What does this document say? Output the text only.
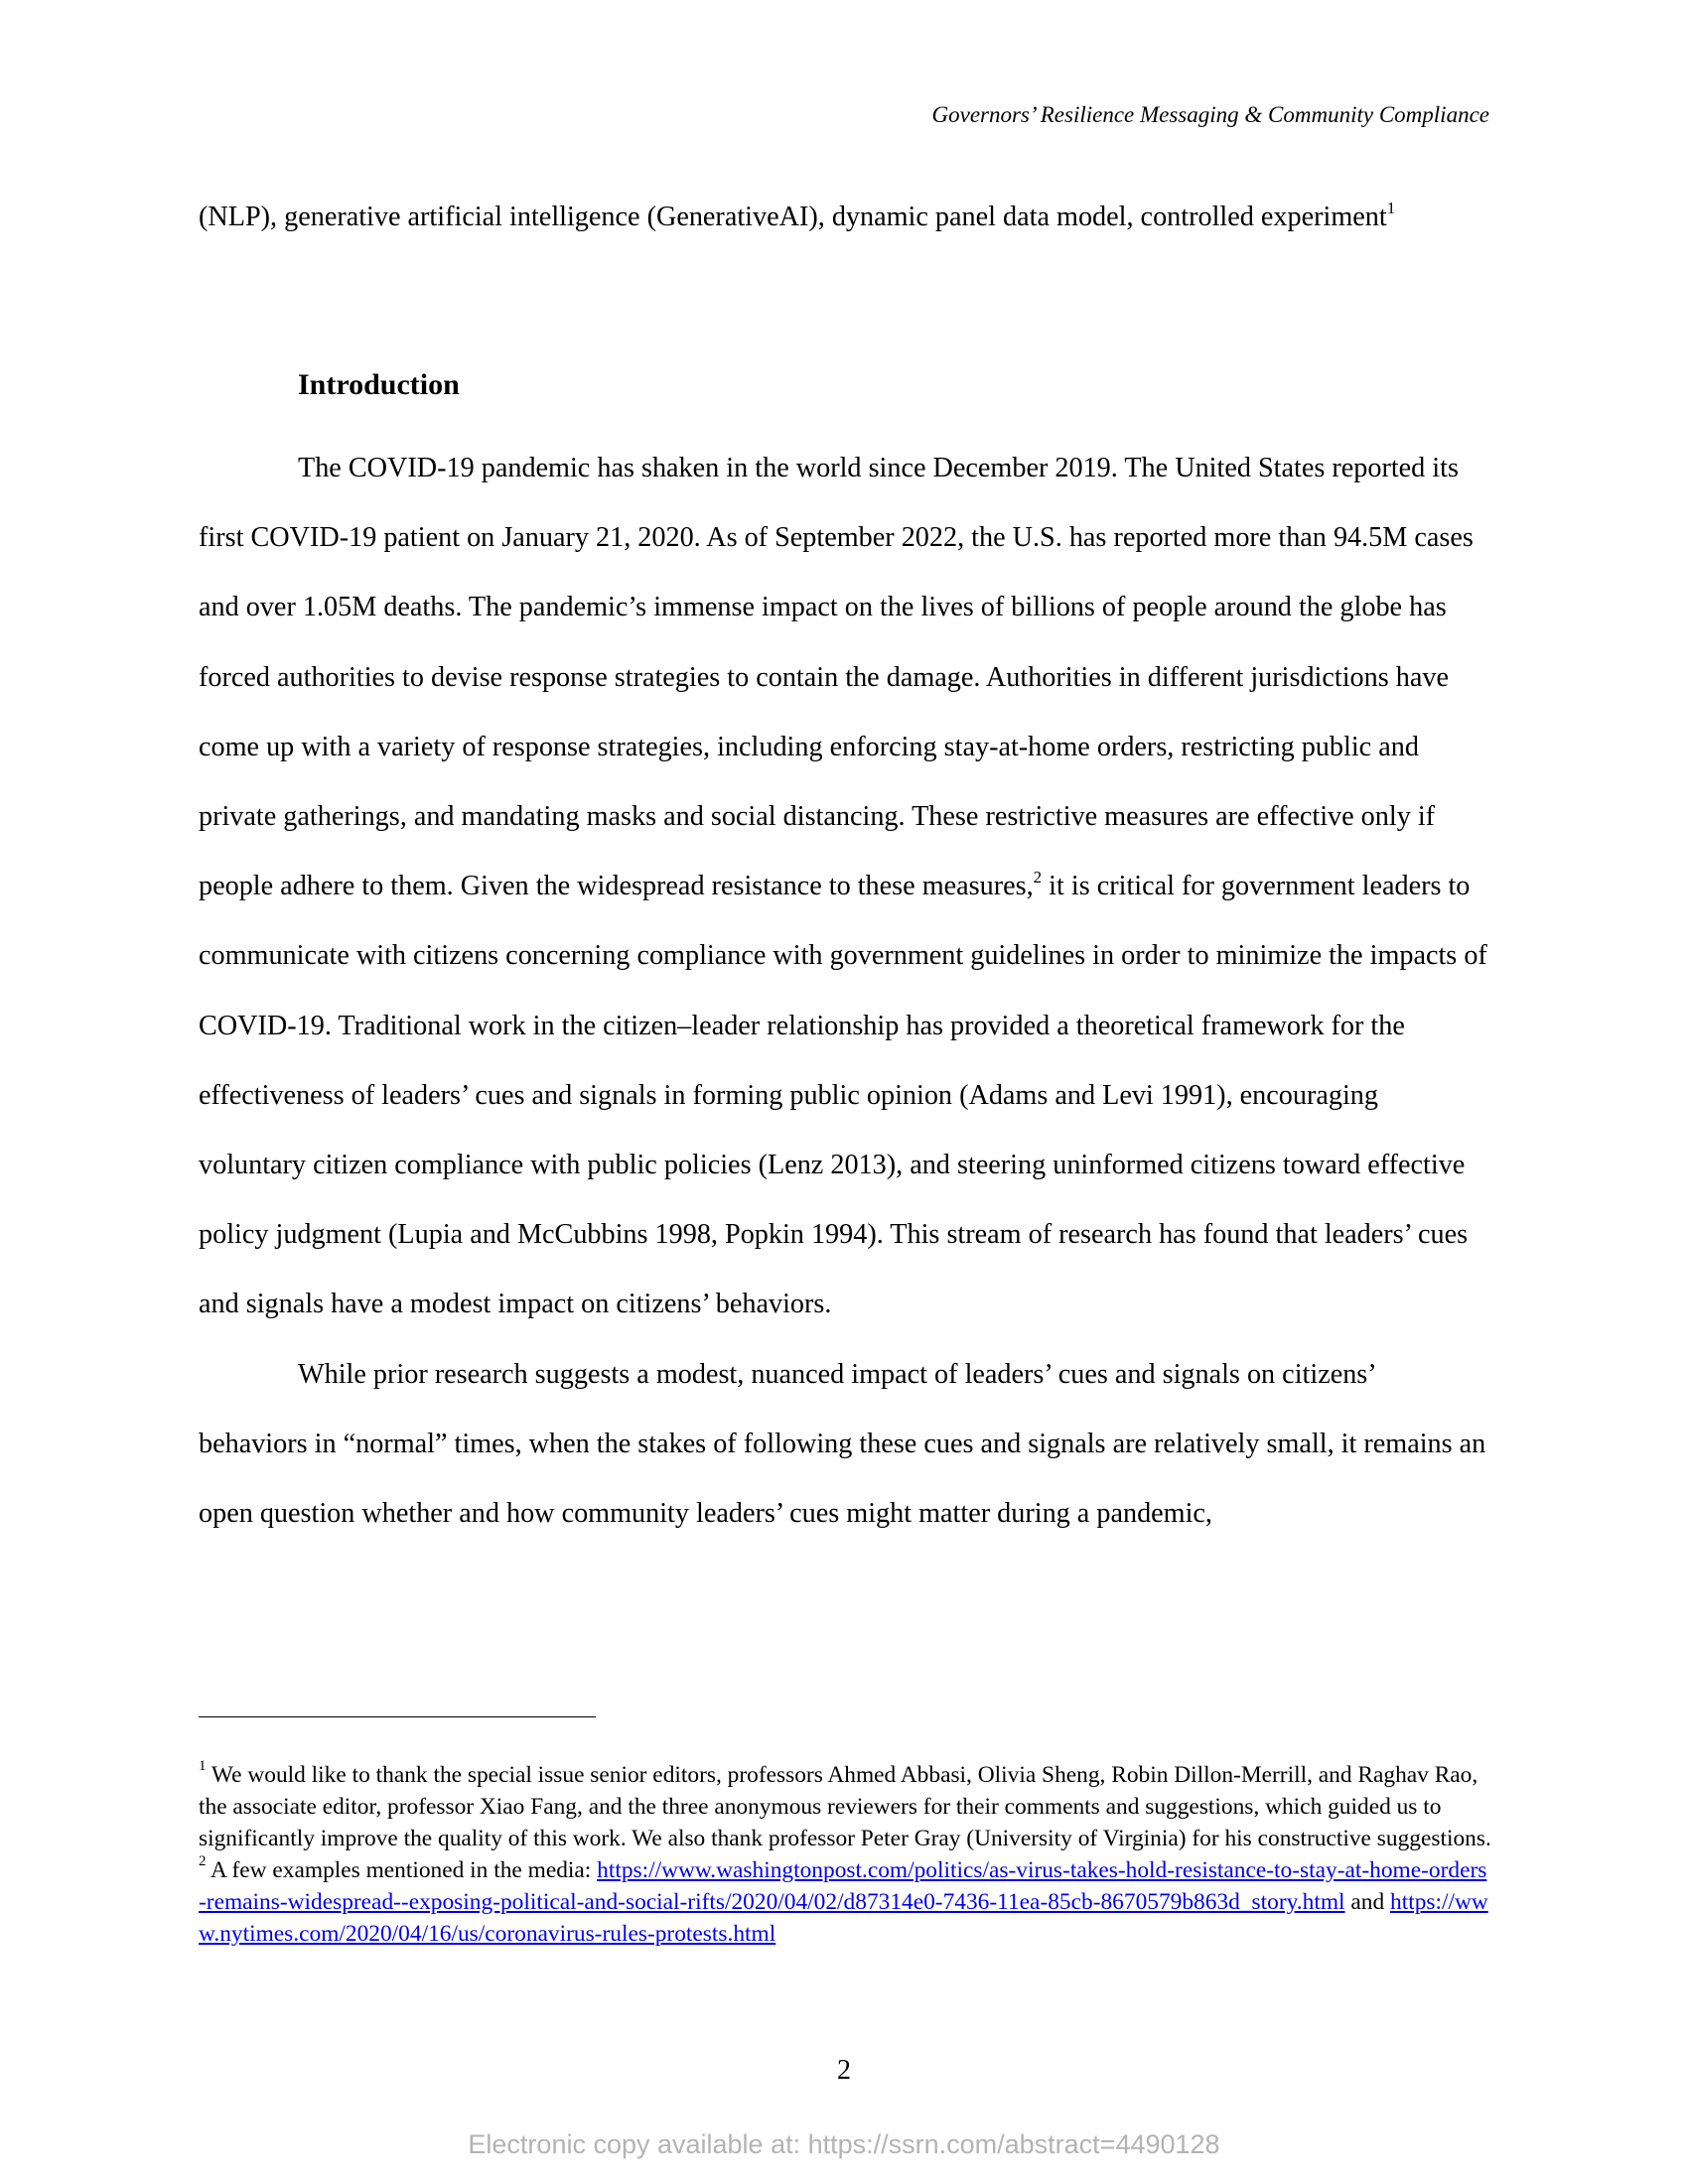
Governors’ Resilience Messaging & Community Compliance

(NLP), generative artificial intelligence (GenerativeAI), dynamic panel data model, controlled experiment$^1$

Introduction

The COVID-19 pandemic has shaken in the world since December 2019. The United States reported its first COVID-19 patient on January 21, 2020. As of September 2022, the U.S. has reported more than 94.5M cases and over 1.05M deaths. The pandemic’s immense impact on the lives of billions of people around the globe has forced authorities to devise response strategies to contain the damage. Authorities in different jurisdictions have come up with a variety of response strategies, including enforcing stay-at-home orders, restricting public and private gatherings, and mandating masks and social distancing. These restrictive measures are effective only if people adhere to them. Given the widespread resistance to these measures,$^2$ it is critical for government leaders to communicate with citizens concerning compliance with government guidelines in order to minimize the impacts of COVID-19. Traditional work in the citizen–leader relationship has provided a theoretical framework for the effectiveness of leaders’ cues and signals in forming public opinion (Adams and Levi 1991), encouraging voluntary citizen compliance with public policies (Lenz 2013), and steering uninformed citizens toward effective policy judgment (Lupia and McCubbins 1998, Popkin 1994). This stream of research has found that leaders’ cues and signals have a modest impact on citizens’ behaviors.

While prior research suggests a modest, nuanced impact of leaders’ cues and signals on citizens’ behaviors in “normal” times, when the stakes of following these cues and signals are relatively small, it remains an open question whether and how community leaders’ cues might matter during a pandemic,

$^1$ We would like to thank the special issue senior editors, professors Ahmed Abbasi, Olivia Sheng, Robin Dillon-Merrill, and Raghav Rao, the associate editor, professor Xiao Fang, and the three anonymous reviewers for their comments and suggestions, which guided us to significantly improve the quality of this work. We also thank professor Peter Gray (University of Virginia) for his constructive suggestions.

$^2$ A few examples mentioned in the media: https://www.washingtonpost.com/politics/as-virus-takes-hold-resistance-to-stay-at-home-orders-remains-widespread--exposing-political-and-social-rifts/2020/04/02/d87314e0-7436-11ea-85cb-8670579b863d_story.html and https://www.nytimes.com/2020/04/16/us/coronavirus-rules-protests.html

2
Electronic copy available at: https://ssrn.com/abstract=4490128
